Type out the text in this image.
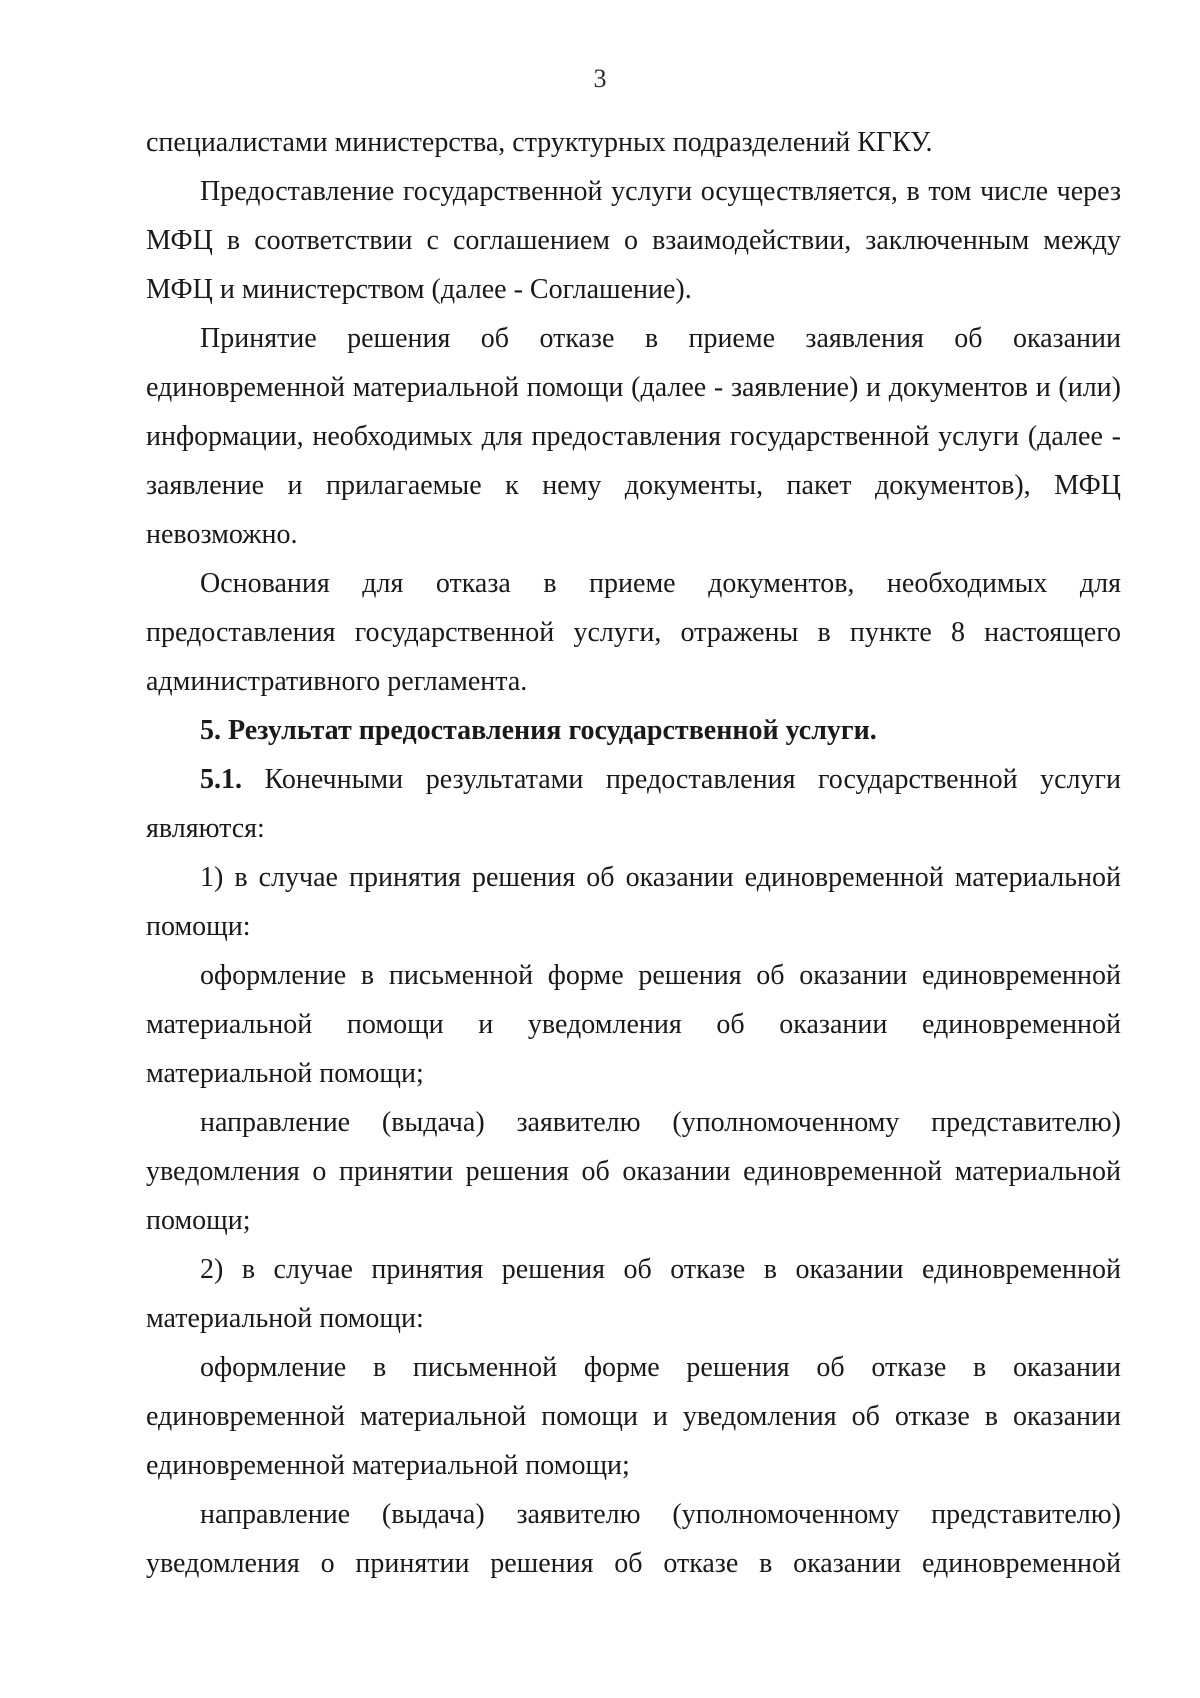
3

специалистами министерства, структурных подразделений КГКУ.

Предоставление государственной услуги осуществляется, в том числе через МФЦ в соответствии с соглашением о взаимодействии, заключенным между МФЦ и министерством (далее - Соглашение).

Принятие решения об отказе в приеме заявления об оказании единовременной материальной помощи (далее - заявление) и документов и (или) информации, необходимых для предоставления государственной услуги (далее - заявление и прилагаемые к нему документы, пакет документов), МФЦ невозможно.

Основания для отказа в приеме документов, необходимых для предоставления государственной услуги, отражены в пункте 8 настоящего административного регламента.

5. Результат предоставления государственной услуги.

5.1. Конечными результатами предоставления государственной услуги являются:

1) в случае принятия решения об оказании единовременной материальной помощи:

оформление в письменной форме решения об оказании единовременной материальной помощи и уведомления об оказании единовременной материальной помощи;

направление (выдача) заявителю (уполномоченному представителю) уведомления о принятии решения об оказании единовременной материальной помощи;

2) в случае принятия решения об отказе в оказании единовременной материальной помощи:

оформление в письменной форме решения об отказе в оказании единовременной материальной помощи и уведомления об отказе в оказании единовременной материальной помощи;

направление (выдача) заявителю (уполномоченному представителю) уведомления о принятии решения об отказе в оказании единовременной
